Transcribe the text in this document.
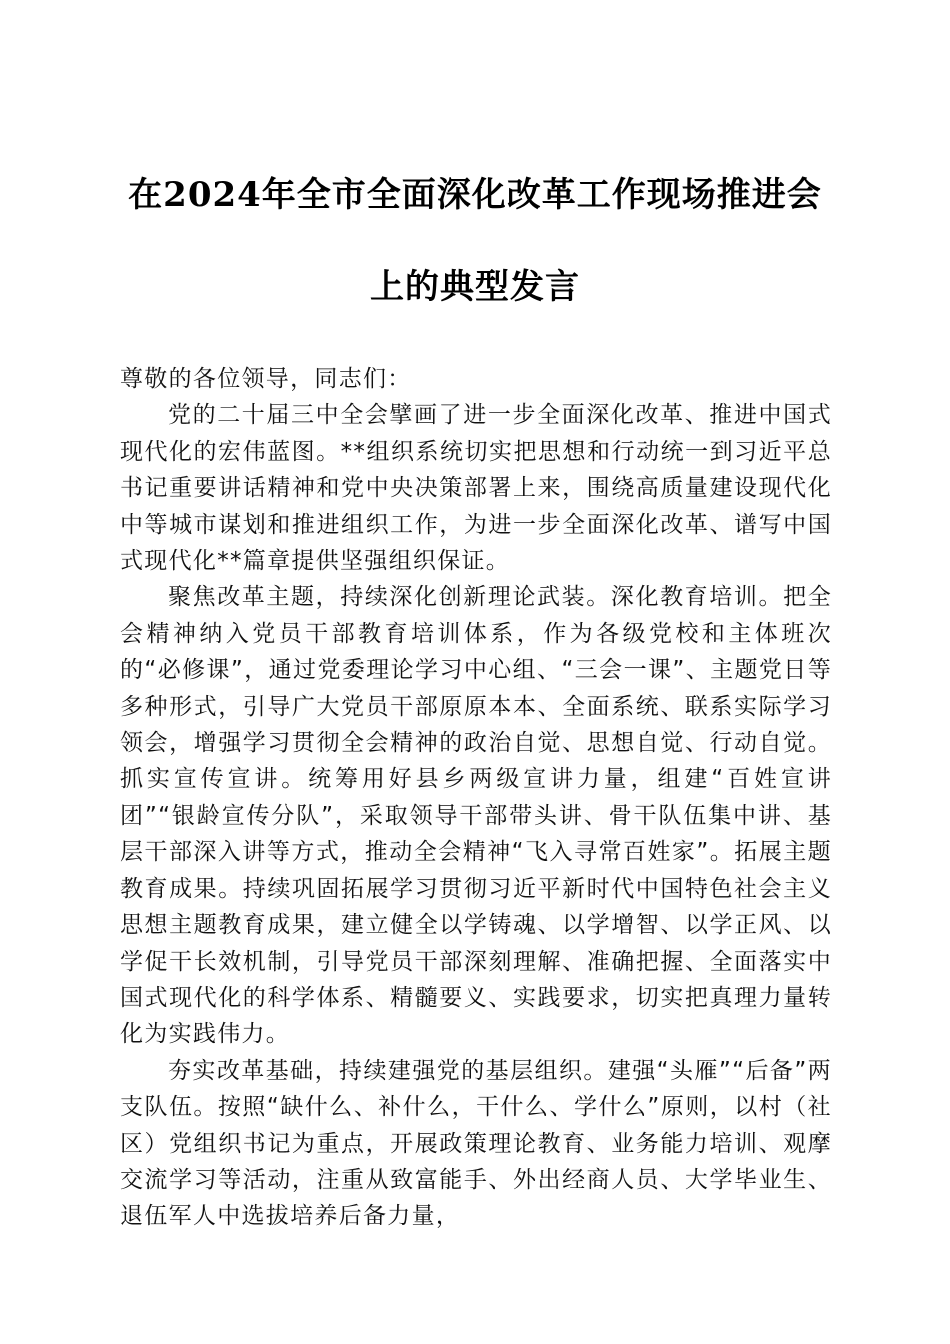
在2024年全市全面深化改革工作现场推进会
上的典型发言

尊敬的各位领导，同志们：

党的二十届三中全会擘画了进一步全面深化改革、推进中国式现代化的宏伟蓝图。**组织系统切实把思想和行动统一到习近平总书记重要讲话精神和党中央决策部署上来，围绕高质量建设现代化中等城市谋划和推进组织工作，为进一步全面深化改革、谱写中国式现代化**篇章提供坚强组织保证。

聚焦改革主题，持续深化创新理论武装。深化教育培训。把全会精神纳入党员干部教育培训体系，作为各级党校和主体班次的“必修课”，通过党委理论学习中心组、“三会一课”、主题党日等多种形式，引导广大党员干部原原本本、全面系统、联系实际学习领会，增强学习贯彻全会精神的政治自觉、思想自觉、行动自觉。抓实宣传宣讲。统筹用好县乡两级宣讲力量，组建“百姓宣讲团”“银龄宣传分队”，采取领导干部带头讲、骨干队伍集中讲、基层干部深入讲等方式，推动全会精神“飞入寻常百姓家”。拓展主题教育成果。持续巩固拓展学习贯彻习近平新时代中国特色社会主义思想主题教育成果，建立健全以学铸魂、以学增智、以学正风、以学促干长效机制，引导党员干部深刻理解、准确把握、全面落实中国式现代化的科学体系、精髓要义、实践要求，切实把真理力量转化为实践伟力。

夯实改革基础，持续建强党的基层组织。建强“头雁”“后备”两支队伍。按照“缺什么、补什么，干什么、学什么”原则，以村（社区）党组织书记为重点，开展政策理论教育、业务能力培训、观摩交流学习等活动，注重从致富能手、外出经商人员、大学毕业生、退伍军人中选拔培养后备力量，
